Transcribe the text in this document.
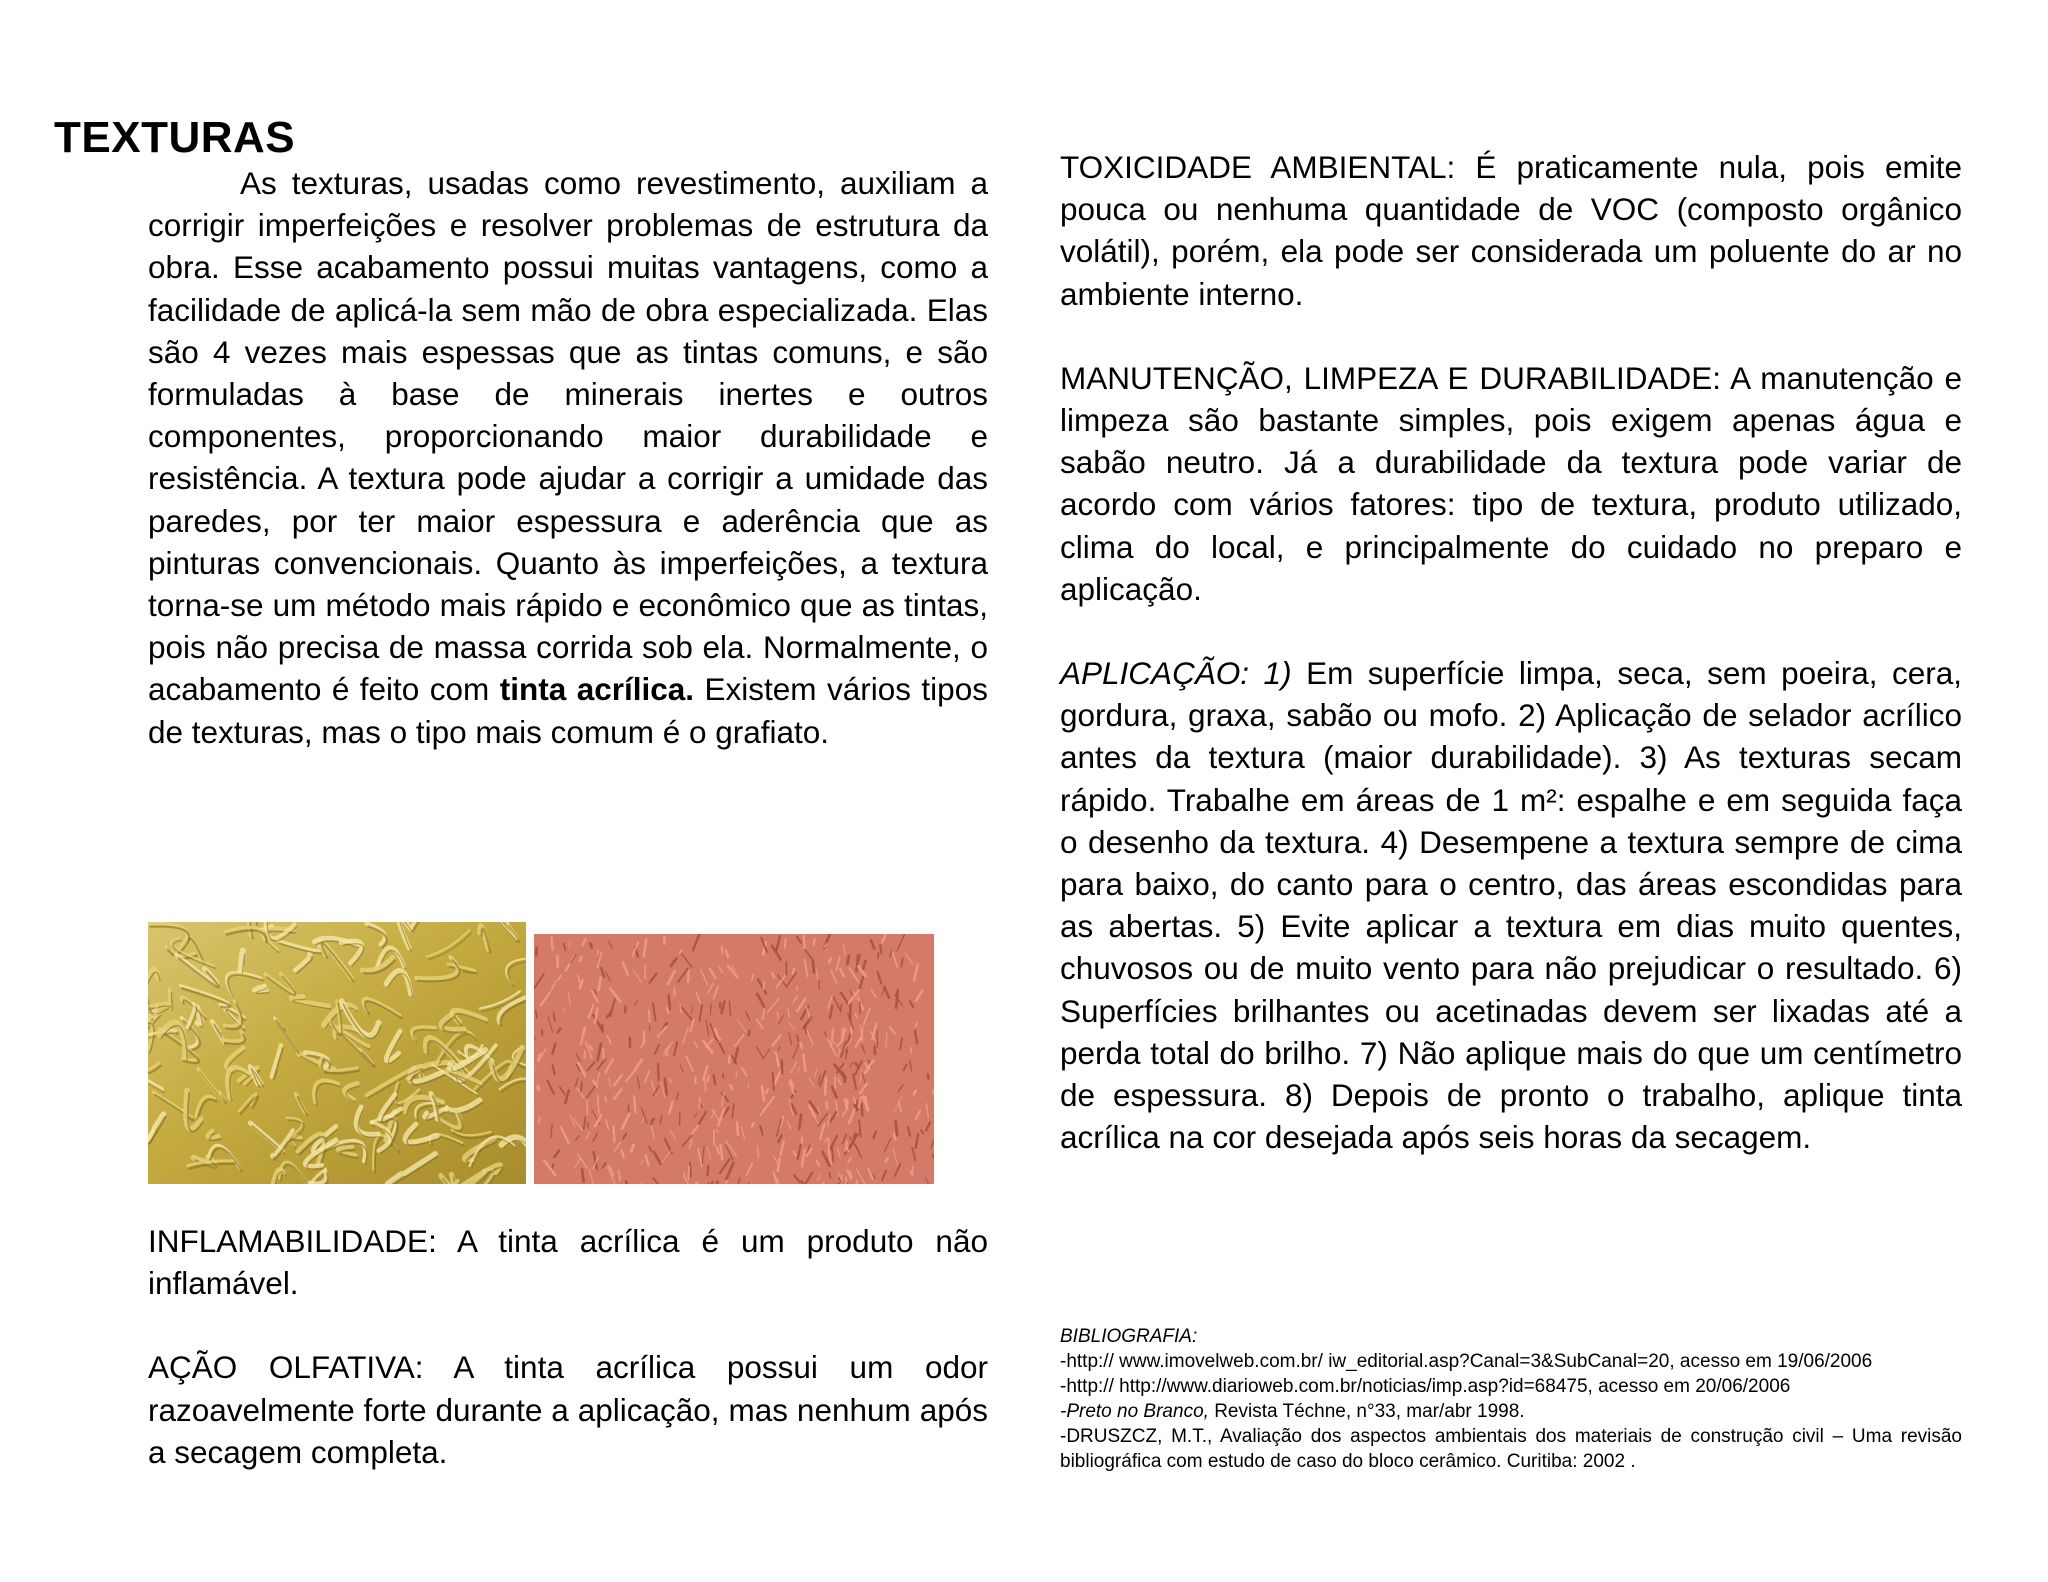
TEXTURAS

As texturas, usadas como revestimento, auxiliam a corrigir imperfeições e resolver problemas de estrutura da obra. Esse acabamento possui muitas vantagens, como a facilidade de aplicá-la sem mão de obra especializada. Elas são 4 vezes mais espessas que as tintas comuns, e são formuladas à base de minerais inertes e outros componentes, proporcionando maior durabilidade e resistência. A textura pode ajudar a corrigir a umidade das paredes, por ter maior espessura e aderência que as pinturas convencionais. Quanto às imperfeições, a textura torna-se um método mais rápido e econômico que as tintas, pois não precisa de massa corrida sob ela. Normalmente, o acabamento é feito com tinta acrílica. Existem vários tipos de texturas, mas o tipo mais comum é o grafiato.

INFLAMABILIDADE: A tinta acrílica é um produto não inflamável.

AÇÃO OLFATIVA: A tinta acrílica possui um odor razoavelmente forte durante a aplicação, mas nenhum após a secagem completa.

TOXICIDADE AMBIENTAL: É praticamente nula, pois emite pouca ou nenhuma quantidade de VOC (composto orgânico volátil), porém, ela pode ser considerada um poluente do ar no ambiente interno.

MANUTENÇÃO, LIMPEZA E DURABILIDADE: A manutenção e limpeza são bastante simples, pois exigem apenas água e sabão neutro. Já a durabilidade da textura pode variar de acordo com vários fatores: tipo de textura, produto utilizado, clima do local, e principalmente do cuidado no preparo e aplicação.

APLICAÇÃO: 1) Em superfície limpa, seca, sem poeira, cera, gordura, graxa, sabão ou mofo. 2) Aplicação de selador acrílico antes da textura (maior durabilidade). 3) As texturas secam rápido. Trabalhe em áreas de 1 m²: espalhe e em seguida faça o desenho da textura. 4) Desempene a textura sempre de cima para baixo, do canto para o centro, das áreas escondidas para as abertas. 5) Evite aplicar a textura em dias muito quentes, chuvosos ou de muito vento para não prejudicar o resultado. 6) Superfícies brilhantes ou acetinadas devem ser lixadas até a perda total do brilho. 7) Não aplique mais do que um centímetro de espessura. 8) Depois de pronto o trabalho, aplique tinta acrílica na cor desejada após seis horas da secagem.

BIBLIOGRAFIA:
-http:// www.imovelweb.com.br/ iw_editorial.asp?Canal=3&SubCanal=20, acesso em 19/06/2006
-http:// http://www.diarioweb.com.br/noticias/imp.asp?id=68475, acesso em 20/06/2006
-Preto no Branco, Revista Téchne, n°33, mar/abr 1998.
-DRUSZCZ, M.T., Avaliação dos aspectos ambientais dos materiais de construção civil – Uma revisão bibliográfica com estudo de caso do bloco cerâmico. Curitiba: 2002 .
